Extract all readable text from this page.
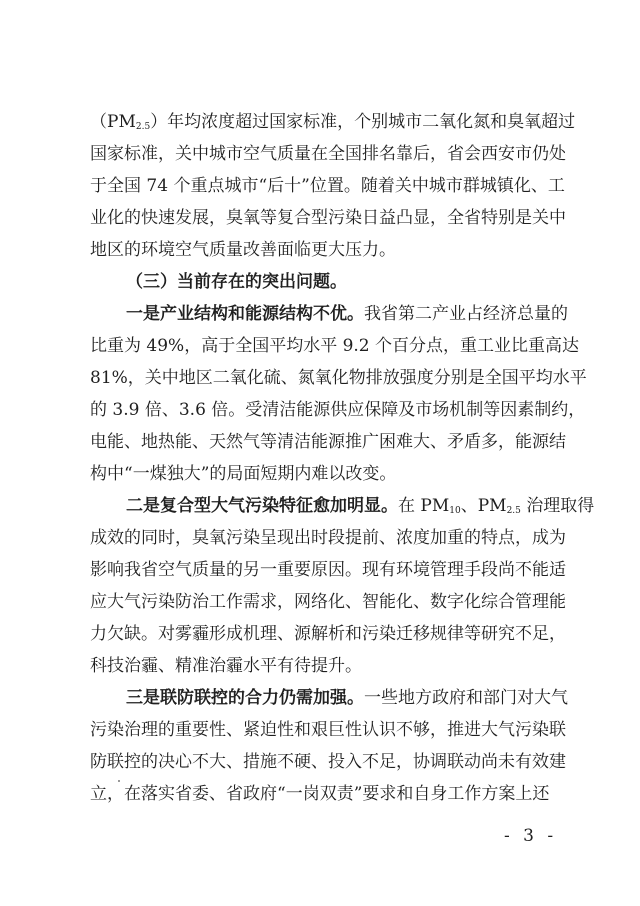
$(PM_{2.5})$年均浓度超过国家标准，个别城市二氧化氮和臭氧超过
国家标准，关中城市空气质量在全国排名靠后，省会西安市仍处
于全国 74 个重点城市“后十”位置。随着关中城市群城镇化、工
业化的快速发展，臭氧等复合型污染日益凸显，全省特别是关中
地区的环境空气质量改善面临更大压力。
（三）当前存在的突出问题。
一是产业结构和能源结构不优。我省第二产业占经济总量的
比重为 49%，高于全国平均水平 9.2 个百分点，重工业比重高达
81%，关中地区二氧化硫、氮氧化物排放强度分别是全国平均水平
的 3.9 倍、3.6 倍。受清洁能源供应保障及市场机制等因素制约，
电能、地热能、天然气等清洁能源推广困难大、矛盾多，能源结
构中“一煤独大”的局面短期内难以改变。
二是复合型大气污染特征愈加明显。在 $PM_{10}$、$PM_{2.5}$ 治理取得
成效的同时，臭氧污染呈现出时段提前、浓度加重的特点，成为
影响我省空气质量的另一重要原因。现有环境管理手段尚不能适
应大气污染防治工作需求，网络化、智能化、数字化综合管理能
力欠缺。对雾霾形成机理、源解析和污染迁移规律等研究不足，
科技治霾、精准治霾水平有待提升。
三是联防联控的合力仍需加强。一些地方政府和部门对大气
污染治理的重要性、紧迫性和艰巨性认识不够，推进大气污染联
防联控的决心不大、措施不硬、投入不足，协调联动尚未有效建
立，在落实省委、省政府“一岗双责”要求和自身工作方案上还
- 3 -
